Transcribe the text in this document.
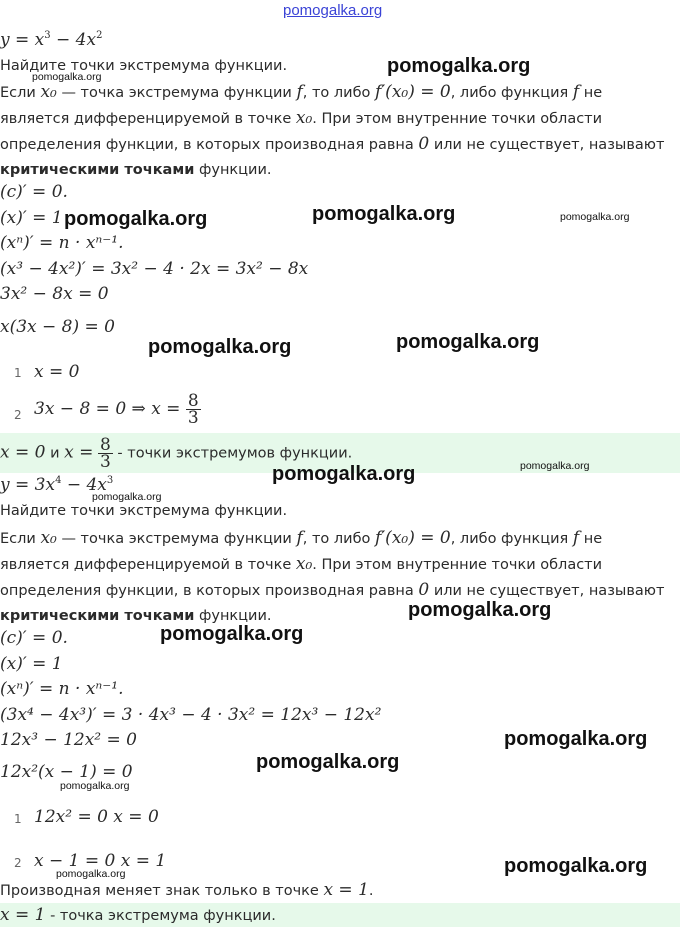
pomogalka.org
$y = x^3 - 4x^2$
Найдите точки экстремума функции.
Если x₀ — точка экстремума функции f, то либо f′(x₀) = 0, либо функция f не
является дифференцируемой в точке x₀. При этом внутренние точки области
определения функции, в которых производная равна 0 или не существует, называют
критическими точками функции.
(c)′ = 0.
(x)′ = 1
(xⁿ)′ = n · xⁿ⁻¹.
(x³ − 4x²)′ = 3x² − 4 · 2x = 3x² − 8x
3x² − 8x = 0
x(3x − 8) = 0
1 x = 0
2 3x − 8 = 0 ⇒ $x = \frac{8}{3}$
x = 0 и $x = \frac{8}{3}$ - точки экстремумов функции.
$y = 3x^4 - 4x^3$
Найдите точки экстремума функции.
Если x₀ — точка экстремума функции f, то либо f′(x₀) = 0, либо функция f не
является дифференцируемой в точке x₀. При этом внутренние точки области
определения функции, в которых производная равна 0 или не существует, называют
критическими точками функции.
(c)′ = 0.
(x)′ = 1
(xⁿ)′ = n · xⁿ⁻¹.
(3x⁴ − 4x³)′ = 3 · 4x³ − 4 · 3x² = 12x³ − 12x²
12x³ − 12x² = 0
12x²(x − 1) = 0
1 12x² = 0 x = 0
2 x − 1 = 0 x = 1
Производная меняет знак только в точке x = 1.
x = 1 - точка экстремума функции.
pomogalka.org
pomogalka.org
pomogalka.org	pomogalka.org	pomogalka.org
pomogalka.org	pomogalka.org
pomogalka.org	pomogalka.org
pomogalka.org
pomogalka.org
pomogalka.org
pomogalka.org
pomogalka.org
pomogalka.org
pomogalka.org
pomogalka.org
